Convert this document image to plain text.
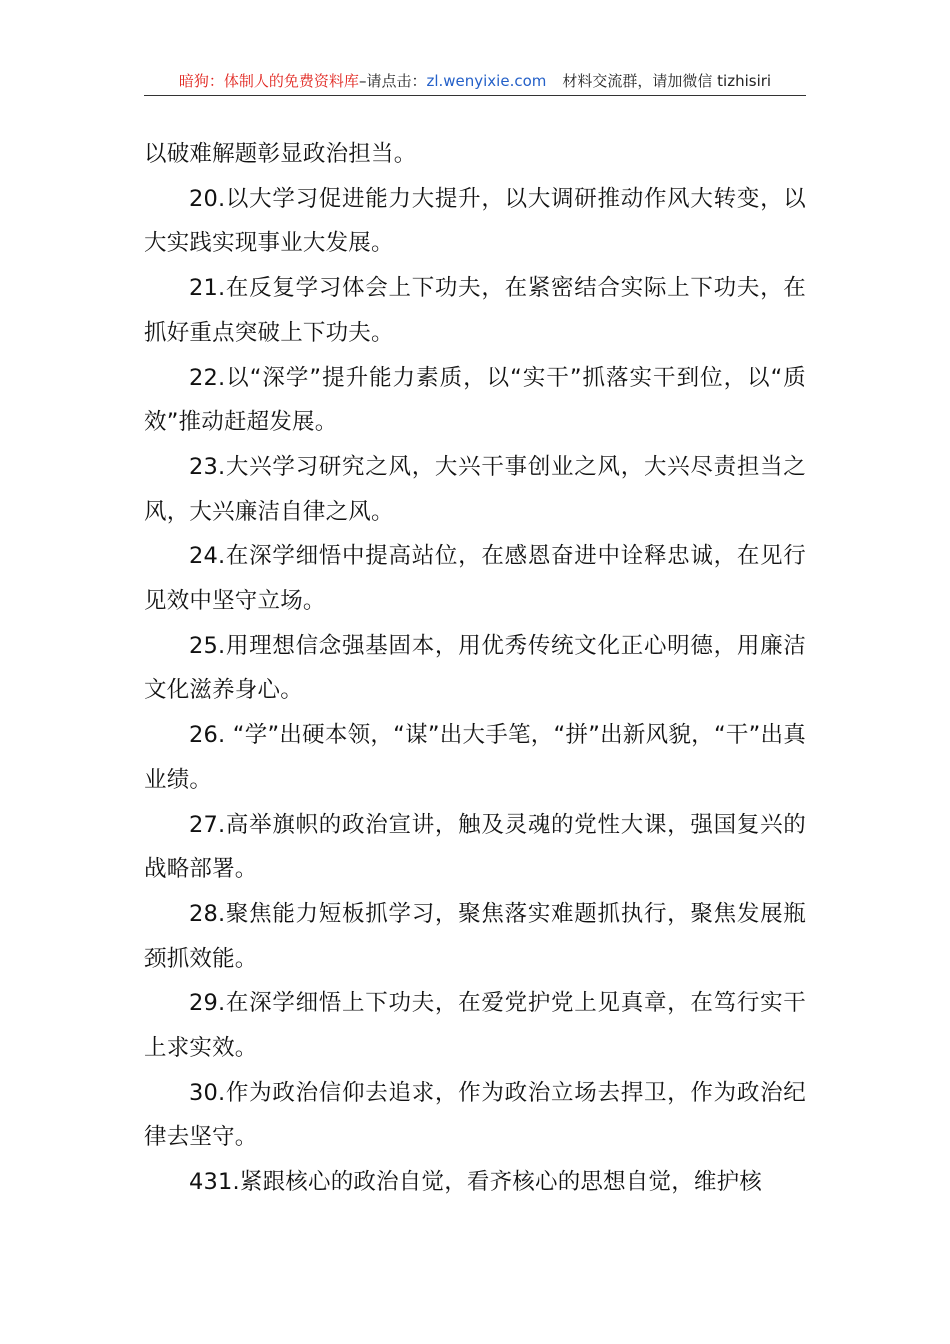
暗狗：体制人的免费资料库–请点击：zl.wenyixie.com 材料交流群，请加微信 tizhisiri

以破难解题彰显政治担当。

20.以大学习促进能力大提升，以大调研推动作风大转变，以大实践实现事业大发展。

21.在反复学习体会上下功夫，在紧密结合实际上下功夫，在抓好重点突破上下功夫。

22.以“深学”提升能力素质，以“实干”抓落实干到位，以“质效”推动赶超发展。

23.大兴学习研究之风，大兴干事创业之风，大兴尽责担当之风，大兴廉洁自律之风。

24.在深学细悟中提高站位，在感恩奋进中诠释忠诚，在见行见效中坚守立场。

25.用理想信念强基固本，用优秀传统文化正心明德，用廉洁文化滋养身心。

26. “学”出硬本领，“谋”出大手笔，“拼”出新风貌，“干”出真业绩。

27.高举旗帜的政治宣讲，触及灵魂的党性大课，强国复兴的战略部署。

28.聚焦能力短板抓学习，聚焦落实难题抓执行，聚焦发展瓶颈抓效能。

29.在深学细悟上下功夫，在爱党护党上见真章，在笃行实干上求实效。

30.作为政治信仰去追求，作为政治立场去捍卫，作为政治纪律去坚守。

431.紧跟核心的政治自觉，看齐核心的思想自觉，维护核
